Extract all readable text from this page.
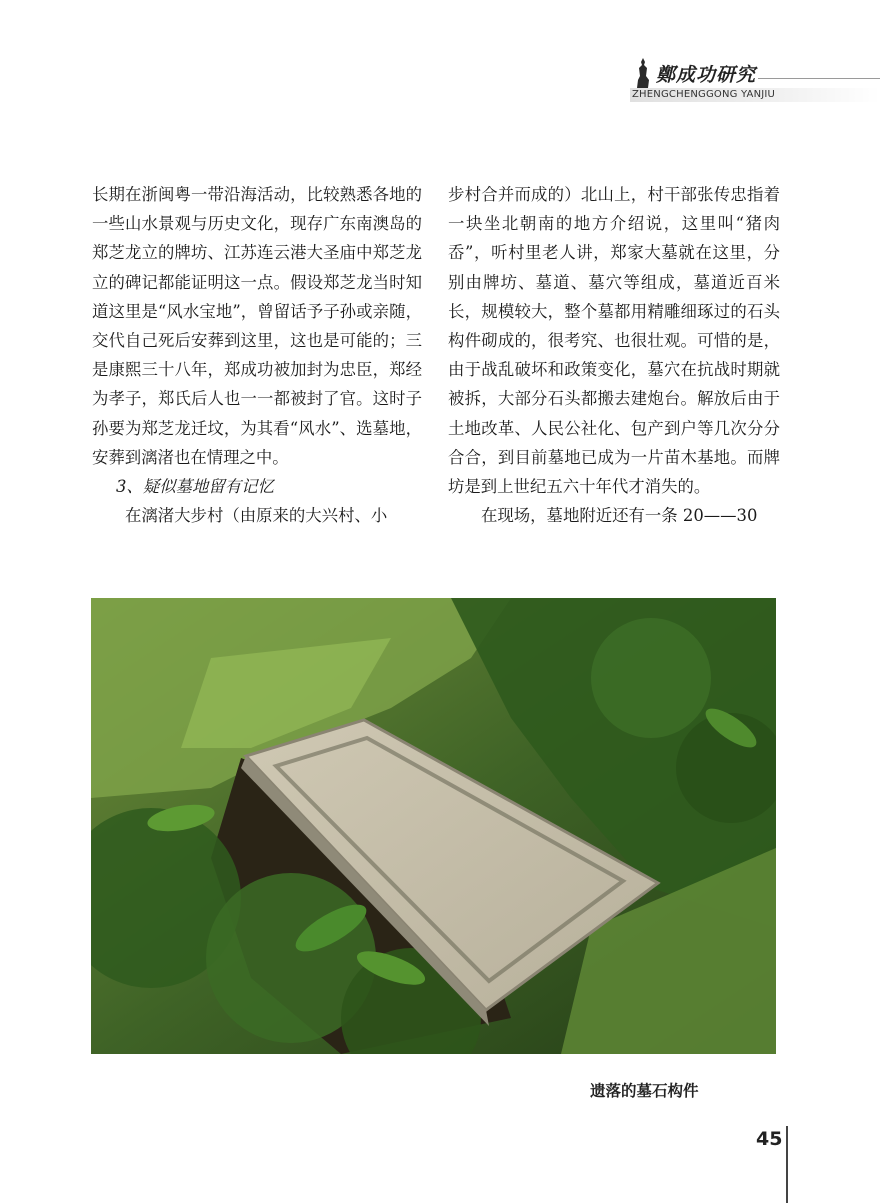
鄭成功研究
ZHENGCHENGGONG YANJIU

长期在浙闽粤一带沿海活动，比较熟悉各地的一些山水景观与历史文化，现存广东南澳岛的郑芝龙立的牌坊、江苏连云港大圣庙中郑芝龙立的碑记都能证明这一点。假设郑芝龙当时知道这里是“风水宝地”，曾留话予子孙或亲随，交代自己死后安葬到这里，这也是可能的；三是康熙三十八年，郑成功被加封为忠臣，郑经为孝子，郑氏后人也一一都被封了官。这时子孙要为郑芝龙迁坟，为其看“风水”、选墓地，安葬到漓渚也在情理之中。

3、疑似墓地留有记忆

在漓渚大步村（由原来的大兴村、小

步村合并而成的）北山上，村干部张传忠指着一块坐北朝南的地方介绍说，这里叫“猪肉岙”，听村里老人讲，郑家大墓就在这里，分别由牌坊、墓道、墓穴等组成，墓道近百米长，规模较大，整个墓都用精雕细琢过的石头构件砌成的，很考究、也很壮观。可惜的是，由于战乱破坏和政策变化，墓穴在抗战时期就被拆，大部分石头都搬去建炮台。解放后由于土地改革、人民公社化、包产到户等几次分分合合，到目前墓地已成为一片苗木基地。而牌坊是到上世纪五六十年代才消失的。

在现场，墓地附近还有一条 20——30

遗落的墓石构件
45
